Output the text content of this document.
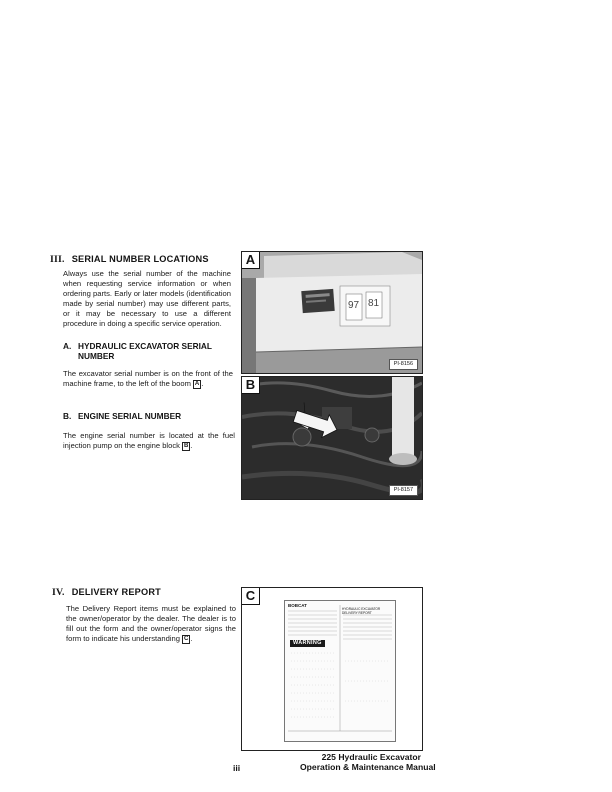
III. SERIAL NUMBER LOCATIONS
Always use the serial number of the machine when requesting service information or when ordering parts. Early or later models (identification made by serial number) may use different parts, or it may be necessary to use a different procedure in doing a specific service operation.
A. HYDRAULIC EXCAVATOR SERIAL
NUMBER
The excavator serial number is on the front of the machine frame, to the left of the boom A .
B. ENGINE SERIAL NUMBER
The engine serial number is located at the fuel injection pump on the engine block B .
97 81
A
PI-8156
B
PI-8157
IV. DELIVERY REPORT
The Delivery Report items must be explained to the owner/operator by the dealer. The dealer is to fill out the form and the owner/operator signs the form to indicate his understanding C .
C
BOBCAT
HYDRAULIC EXCAVATOR DELIVERY REPORT
WARNING
iii
225 Hydraulic Excavator
Operation & Maintenance Manual
